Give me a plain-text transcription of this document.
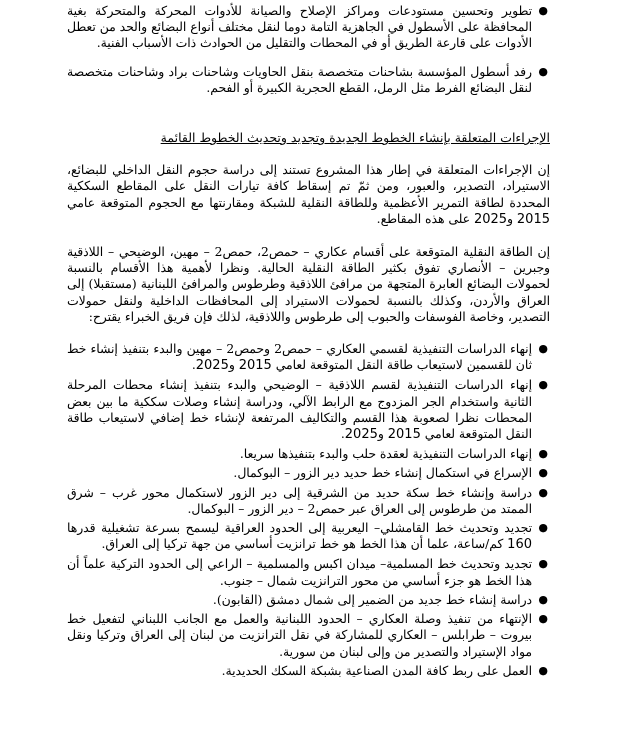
●
تطوير وتحسين مستودعات ومراكز الإصلاح والصيانة للأدوات المحركة والمتحركة بغية المحافظة على الأسطول في الجاهزية التامة دوما لنقل مختلف أنواع البضائع والحد من تعطل الأدوات على قارعة الطريق أو في المحطات والتقليل من الحوادث ذات الأسباب الفنية.
●
رفد أسطول المؤسسة بشاحنات متخصصة بنقل الحاويات وشاحنات براد وشاحنات متخصصة لنقل البضائع الفرط مثل الرمل، القطع الحجرية الكبيرة أو الفحم.
الإجراءات المتعلقة بإنشاء الخطوط الجديدة وتجديد وتحديث الخطوط القائمة

إن الإجراءات المتعلقة في إطار هذا المشروع تستند إلى دراسة حجوم النقل الداخلي للبضائع، الاستيراد، التصدير، والعبور، ومن ثمّ تم إسقاط كافة تيارات النقل على المقاطع السككية المحددة لطاقة التمرير الأعظمية وللطاقة النقلية للشبكة ومقارنتها مع الحجوم المتوقعة عامي 2015 و2025 على هذه المقاطع.

إن الطاقة النقلية المتوقعة على أقسام عكاري – حمص2، حمص2 – مهين، الوضيحي – اللاذقية وجبرين – الأنصاري تفوق بكثير الطاقة النقلية الحالية. ونظرا لأهمية هذا الأقسام بالنسبة لحمولات البضائع العابرة المتجهة من مرافئ اللاذقية وطرطوس والمرافئ اللبنانية (مستقبلا) إلى العراق والأردن، وكذلك بالنسبة لحمولات الاستيراد إلى المحافظات الداخلية ولنقل حمولات التصدير، وخاصة الفوسفات والحبوب إلى طرطوس واللاذقية، لذلك فإن فريق الخبراء يقترح:

●
إنهاء الدراسات التنفيذية لقسمي العكاري – حمص2 وحمص2 – مهين والبدء بتنفيذ إنشاء خط ثان للقسمين لاستيعاب طاقة النقل المتوقعة لعامي 2015 و2025.
●
إنهاء الدراسات التنفيذية لقسم اللاذقية – الوضيحي والبدء بتنفيذ إنشاء محطات المرحلة الثانية واستخدام الجر المزدوج مع الرابط الآلي، ودراسة إنشاء وصلات سككية ما بين بعض المحطات نظرا لصعوبة هذا القسم والتكاليف المرتفعة لإنشاء خط إضافي لاستيعاب طاقة النقل المتوقعة لعامي 2015 و2025.
●
إنهاء الدراسات التنفيذية لعقدة حلب والبدء بتنفيذها سريعا.
●
الإسراع في استكمال إنشاء خط حديد دير الزور – البوكمال.
●
دراسة وإنشاء خط سكة حديد من الشرقية إلى دير الزور لاستكمال محور غرب – شرق الممتد من طرطوس إلى العراق عبر حمص2 – دير الزور – البوكمال.
●
تجديد وتحديث خط القامشلي– اليعربية إلى الحدود العراقية ليسمح بسرعة تشغيلية قدرها 160 كم/ساعة، علما أن هذا الخط هو خط ترانزيت أساسي من جهة تركيا إلى العراق.
●
تجديد وتحديث خط المسلمية– ميدان اكبس والمسلمية – الراعي إلى الحدود التركية علماً أن هذا الخط هو جزء أساسي من محور الترانزيت شمال – جنوب.
●
دراسة إنشاء خط جديد من الضمير إلى شمال دمشق (القابون).
●
الإنتهاء من تنفيذ وصلة العكاري – الحدود اللبنانية والعمل مع الجانب اللبناني لتفعيل خط بيروت – طرابلس – العكاري للمشاركة في نقل الترانزيت من لبنان إلى العراق وتركيا ونقل مواد الإستيراد والتصدير من وإلى لبنان من سورية.
●
العمل على ربط كافة المدن الصناعية بشبكة السكك الحديدية.
